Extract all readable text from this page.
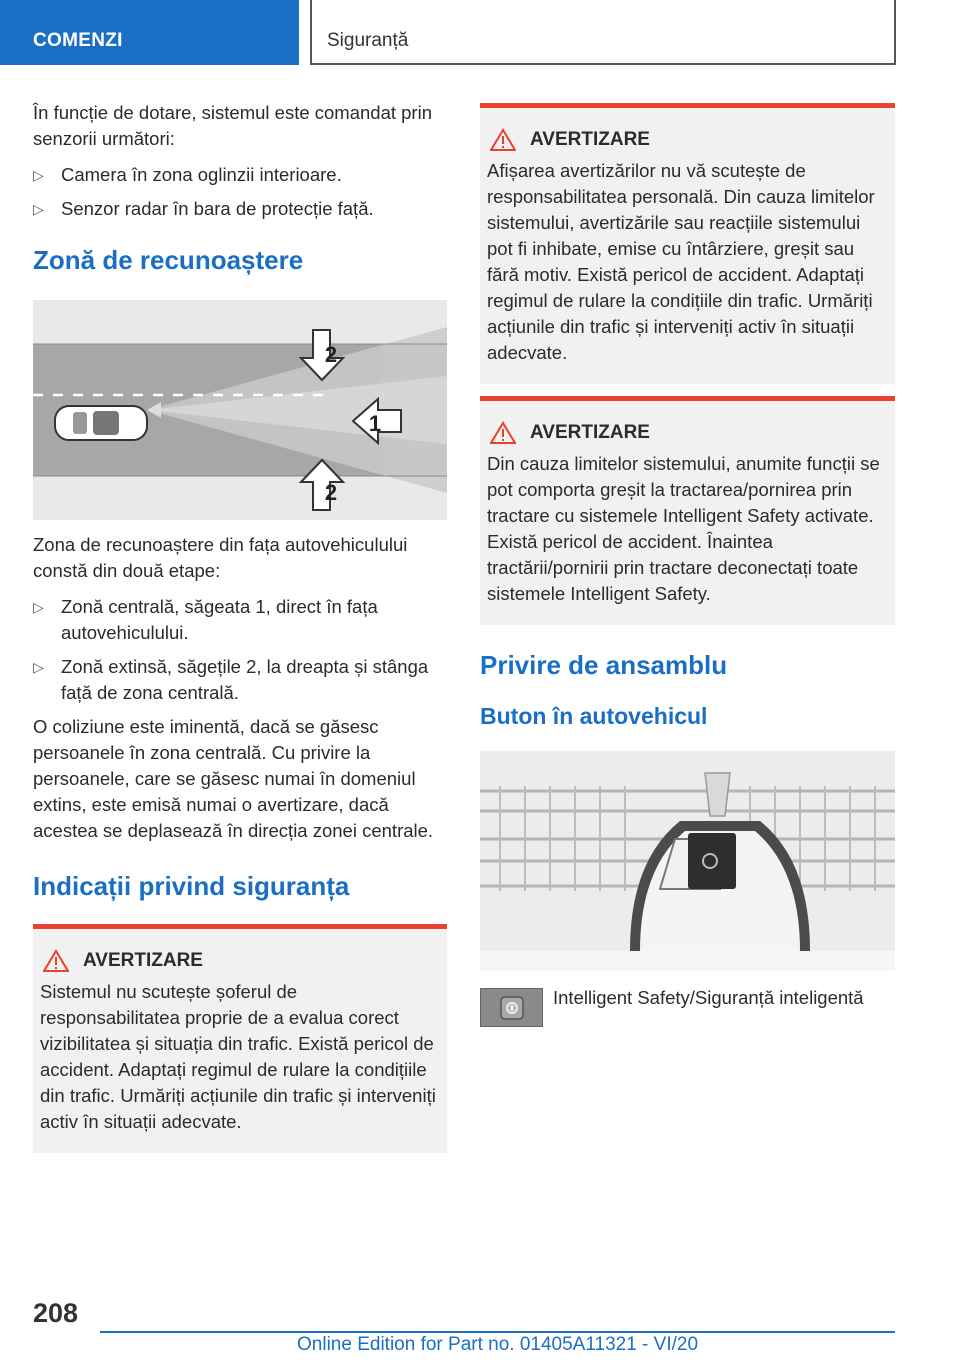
COMENZI	Siguranță

În funcție de dotare, sistemul este comandat prin senzorii următori:

▷ Camera în zona oglinzii interioare.
▷ Senzor radar în bara de protecție față.
Zonă de recunoaștere
2
1
2

Zona de recunoaștere din fața autovehiculului constă din două etape:

▷ Zonă centrală, săgeata 1, direct în fața autovehiculului.
▷ Zonă extinsă, săgețile 2, la dreapta și stânga față de zona centrală.

O coliziune este iminentă, dacă se găsesc persoanele în zona centrală. Cu privire la persoanele, care se găsesc numai în domeniul extins, este emisă numai o avertizare, dacă acestea se deplasează în direcția zonei centrale.

Indicații privind siguranța
AVERTIZARE

Sistemul nu scutește șoferul de responsabilitatea proprie de a evalua corect vizibilitatea și situația din trafic. Există pericol de accident. Adaptați regimul de rulare la condițiile din trafic. Urmăriți acțiunile din trafic și interveniți activ în situații adecvate.

AVERTIZARE

Afișarea avertizărilor nu vă scutește de responsabilitatea personală. Din cauza limitelor sistemului, avertizările sau reacțiile sistemului pot fi inhibate, emise cu întârziere, greșit sau fără motiv. Există pericol de accident. Adaptați regimul de rulare la condițiile din trafic. Urmăriți acțiunile din trafic și interveniți activ în situații adecvate.

AVERTIZARE

Din cauza limitelor sistemului, anumite funcții se pot comporta greșit la tractarea/pornirea prin tractare cu sistemele Intelligent Safety activate. Există pericol de accident. Înaintea tractării/pornirii prin tractare deconectați toate sistemele Intelligent Safety.

Privire de ansamblu
Buton în autovehicul

Intelligent Safety/Siguranță inteligentă

208
Online Edition for Part no. 01405A11321 - VI/20
